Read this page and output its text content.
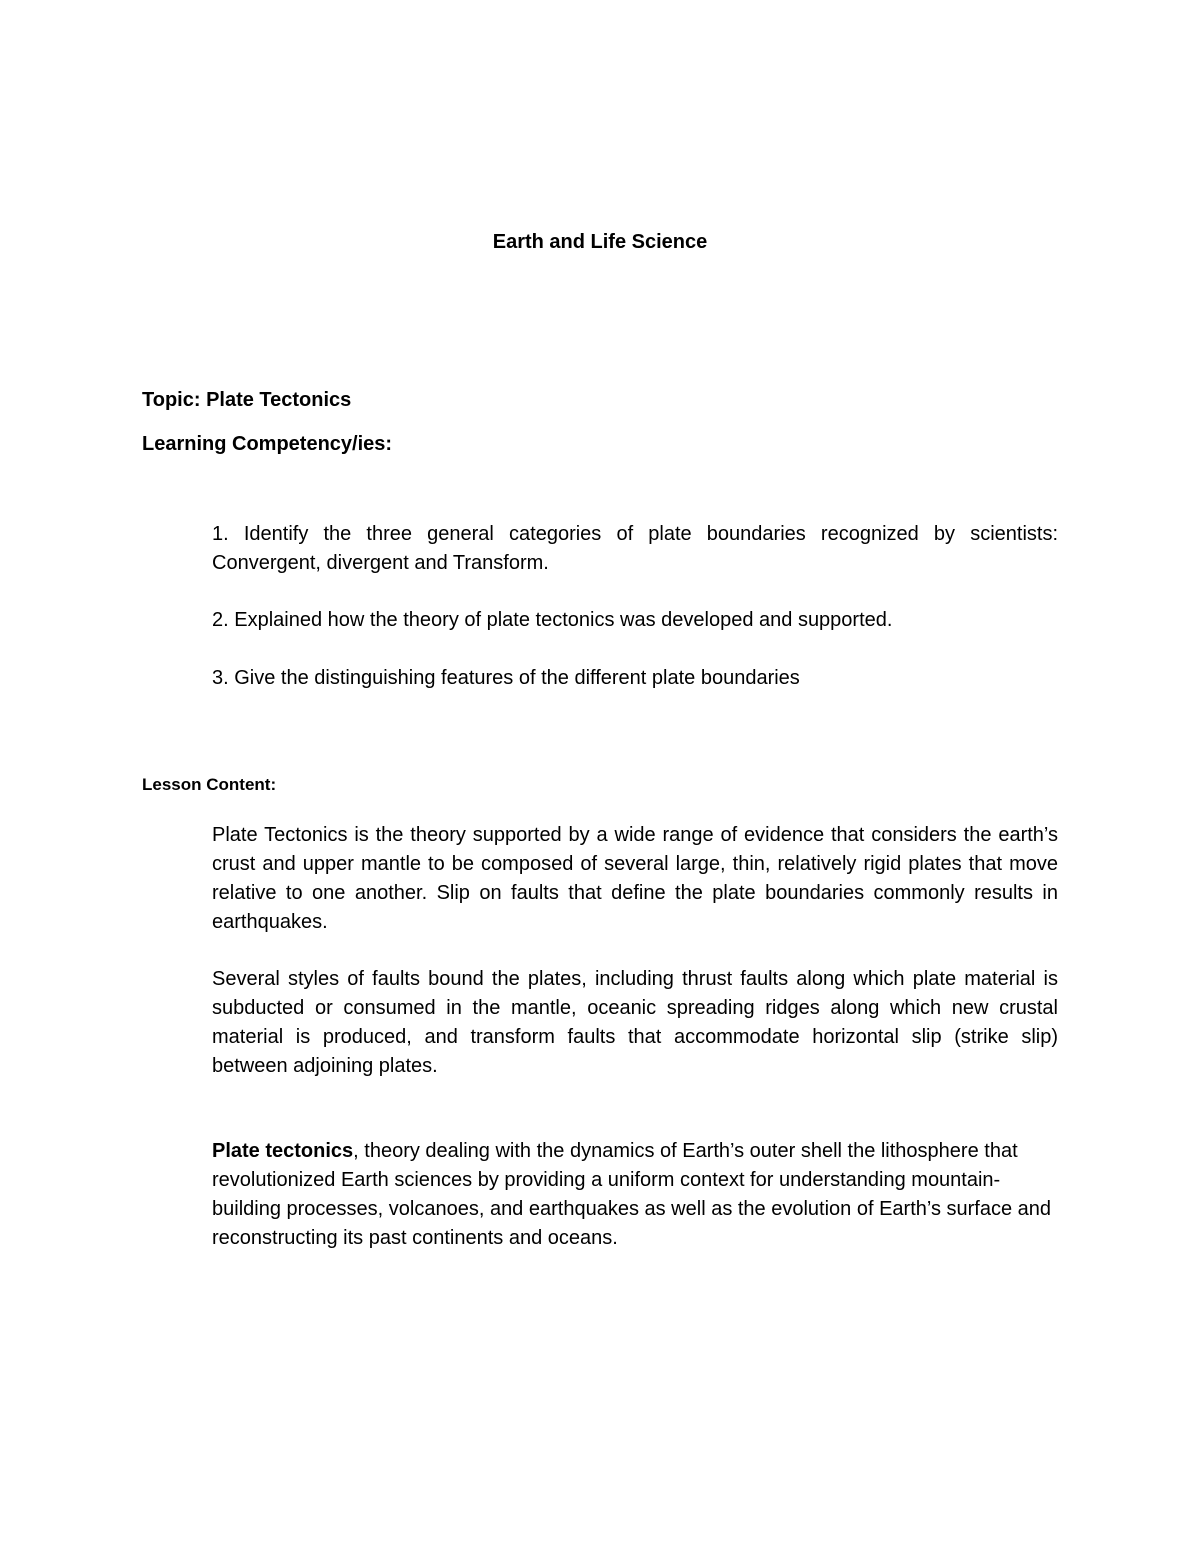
Earth and Life Science
Topic: Plate Tectonics
Learning Competency/ies:

1. Identify the three general categories of plate boundaries recognized by scientists: Convergent, divergent and Transform.

2. Explained how the theory of plate tectonics was developed and supported.

3. Give the distinguishing features of the different plate boundaries

Lesson Content:

Plate Tectonics is the theory supported by a wide range of evidence that considers the earth’s crust and upper mantle to be composed of several large, thin, relatively rigid plates that move relative to one another. Slip on faults that define the plate boundaries commonly results in earthquakes.

Several styles of faults bound the plates, including thrust faults along which plate material is subducted or consumed in the mantle, oceanic spreading ridges along which new crustal material is produced, and transform faults that accommodate horizontal slip (strike slip) between adjoining plates.

Plate tectonics, theory dealing with the dynamics of Earth’s outer shell the lithosphere that revolutionized Earth sciences by providing a uniform context for understanding mountain-building processes, volcanoes, and earthquakes as well as the evolution of Earth’s surface and reconstructing its past continents and oceans.
